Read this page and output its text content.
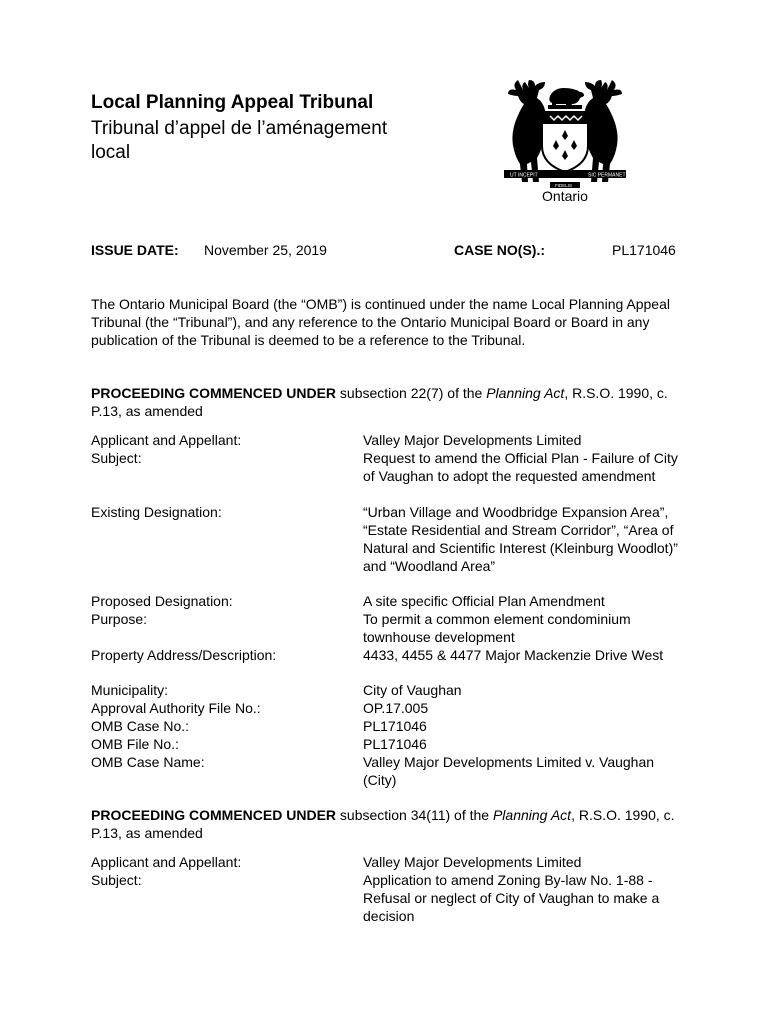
Local Planning Appeal Tribunal
Tribunal d’appel de l’aménagement local
UT INCEPIT	SIC PERMANET
FIDELIS
Ontario
ISSUE DATE: November 25, 2019	CASE NO(S).:	PL171046
The Ontario Municipal Board (the “OMB”) is continued under the name Local Planning Appeal Tribunal (the “Tribunal”), and any reference to the Ontario Municipal Board or Board in any publication of the Tribunal is deemed to be a reference to the Tribunal.
PROCEEDING COMMENCED UNDER subsection 22(7) of the Planning Act, R.S.O. 1990, c. P.13, as amended
Applicant and Appellant:	Valley Major Developments Limited
Subject:	Request to amend the Official Plan - Failure of City of Vaughan to adopt the requested amendment
Existing Designation:	“Urban Village and Woodbridge Expansion Area”, “Estate Residential and Stream Corridor”, “Area of Natural and Scientific Interest (Kleinburg Woodlot)” and “Woodland Area”
Proposed Designation:	A site specific Official Plan Amendment
Purpose:	To permit a common element condominium townhouse development
Property Address/Description:	4433, 4455 & 4477 Major Mackenzie Drive West
Municipality:	City of Vaughan
Approval Authority File No.:	OP.17.005
OMB Case No.:	PL171046
OMB File No.:	PL171046
OMB Case Name:	Valley Major Developments Limited v. Vaughan (City)
PROCEEDING COMMENCED UNDER subsection 34(11) of the Planning Act, R.S.O. 1990, c. P.13, as amended
Applicant and Appellant:	Valley Major Developments Limited
Subject:	Application to amend Zoning By-law No. 1-88 - Refusal or neglect of City of Vaughan to make a decision
